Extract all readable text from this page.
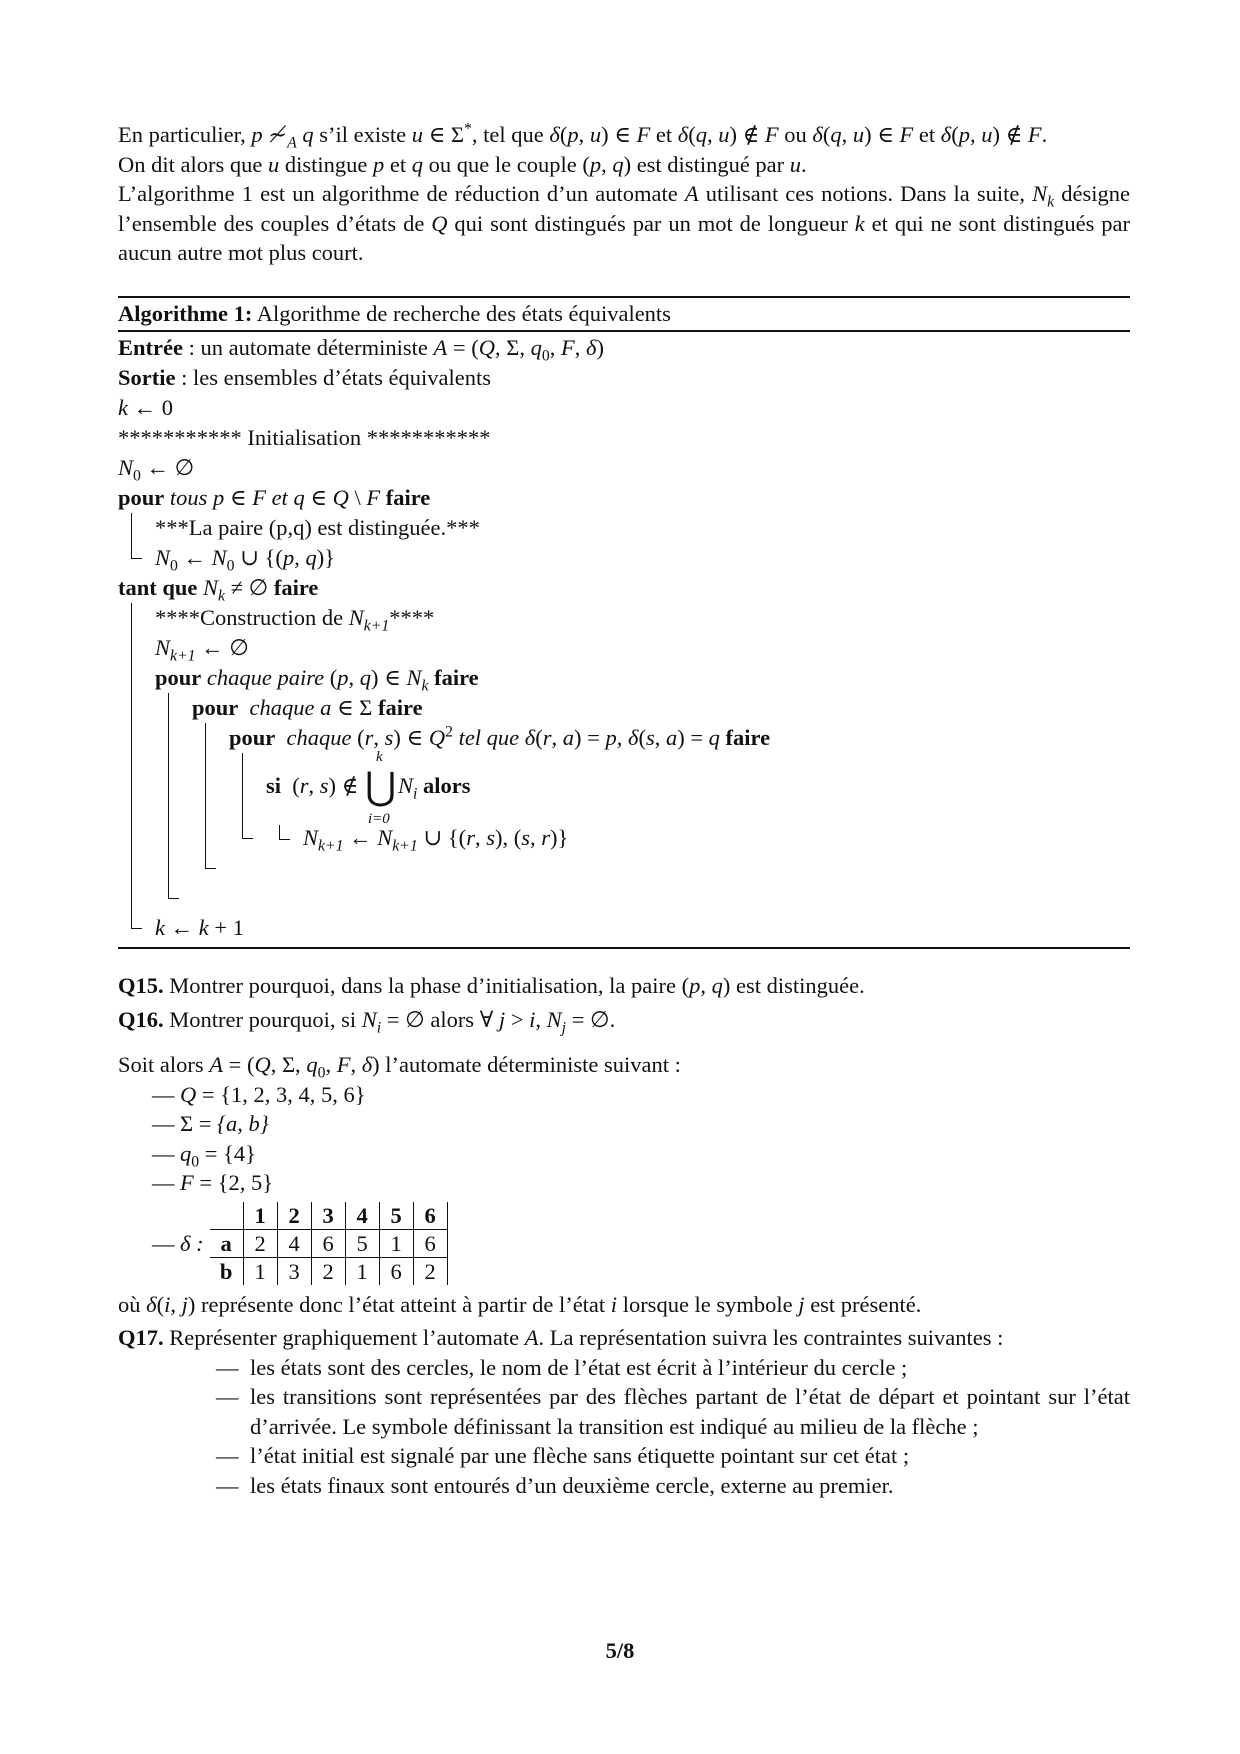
En particulier, p $≁_A$ q s’il existe u ∈ Σ*, tel que δ(p, u) ∈ F et δ(q, u) ∉ F ou δ(q, u) ∈ F et δ(p, u) ∉ F.
On dit alors que u distingue p et q ou que le couple (p, q) est distingué par u.
L’algorithme 1 est un algorithme de réduction d’un automate A utilisant ces notions. Dans la suite, $N_k$ désigne l’ensemble des couples d’états de Q qui sont distingués par un mot de longueur k et qui ne sont distingués par aucun autre mot plus court.

Algorithme 1: Algorithme de recherche des états équivalents
Entrée : un automate déterministe A = (Q, Σ, $q_0$, F, δ)
Sortie : les ensembles d’états équivalents
k ← 0
*********** Initialisation ***********
$N_0$ ← ∅
pour tous p ∈ F et q ∈ Q \ F faire
***La paire (p,q) est distinguée.***
$N_0$ ← $N_0$ ∪ {(p, q)}
tant que $N_k$ ≠ ∅ faire
****Construction de $N_{k+1}****$
$N_{k+1}$ ← ∅
pour chaque paire (p, q) ∈ $N_k$ faire
pour chaque a ∈ Σ faire
pour chaque (r, s) ∈ $Q^2$ tel que δ(r, a) = p, δ(s, a) = q faire
si  (r, s) ∉
k
⋃
i=0
$N_i$ alors
$N_{k+1}$ ← $N_{k+1}$ ∪ {(r, s), (s, r)}
k ← k + 1

Q15. Montrer pourquoi, dans la phase d’initialisation, la paire (p, q) est distinguée.

Q16. Montrer pourquoi, si $N_i$ = ∅ alors ∀ j > i, $N_j$ = ∅.

Soit alors A = (Q, Σ, $q_0$, F, δ) l’automate déterministe suivant :

— Q = {1, 2, 3, 4, 5, 6}
— Σ = {a, b}
— $q_0 = \{4\}$
— F = {2, 5}
— δ :
	1	2	3	4	5	6
a	2	4	6	5	1	6
b	1	3	2	1	6	2

où δ(i, j) représente donc l’état atteint à partir de l’état i lorsque le symbole j est présenté.

Q17. Représenter graphiquement l’automate A. La représentation suivra les contraintes suivantes :

— les états sont des cercles, le nom de l’état est écrit à l’intérieur du cercle ;
— les transitions sont représentées par des flèches partant de l’état de départ et pointant sur l’état d’arrivée. Le symbole définissant la transition est indiqué au milieu de la flèche ;
— l’état initial est signalé par une flèche sans étiquette pointant sur cet état ;
— les états finaux sont entourés d’un deuxième cercle, externe au premier.
5/8
